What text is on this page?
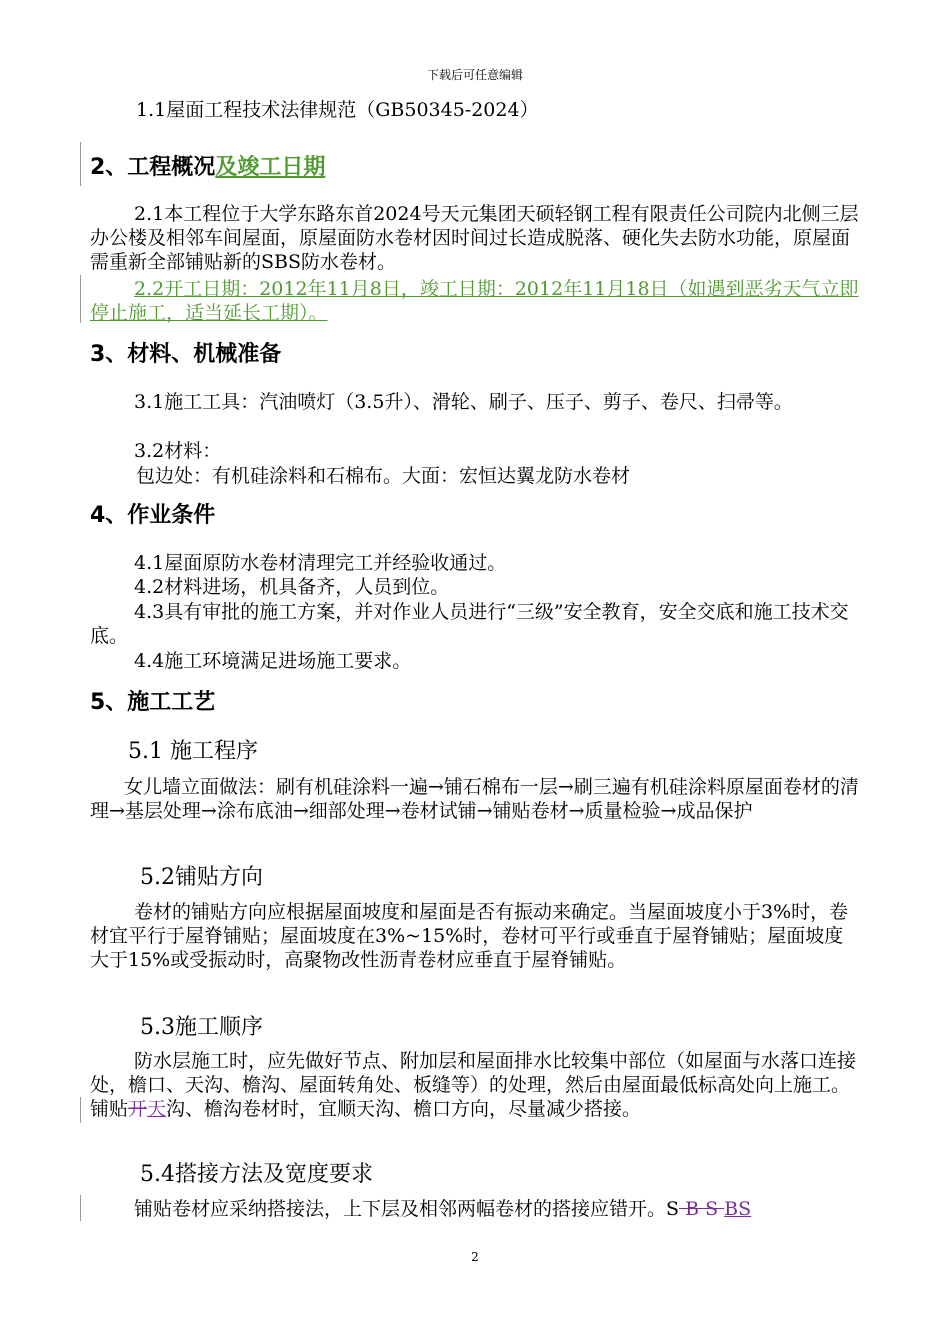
下载后可任意编辑

1.1屋面工程技术法律规范（GB50345-2024）

2、工程概况及竣工日期

2.1本工程位于大学东路东首2024号天元集团天硕轻钢工程有限责任公司院内北侧三层办公楼及相邻车间屋面，原屋面防水卷材因时间过长造成脱落、硬化失去防水功能，原屋面需重新全部铺贴新的SBS防水卷材。

2.2开工日期：2012年11月8日，竣工日期：2012年11月18日（如遇到恶劣天气立即停止施工，适当延长工期）。

3、材料、机械准备

3.1施工工具：汽油喷灯（3.5升）、滑轮、刷子、压子、剪子、卷尺、扫帚等。

3.2材料：

包边处：有机硅涂料和石棉布。大面：宏恒达翼龙防水卷材

4、作业条件

4.1屋面原防水卷材清理完工并经验收通过。

4.2材料进场，机具备齐，人员到位。

4.3具有审批的施工方案，并对作业人员进行“三级”安全教育，安全交底和施工技术交底。

4.4施工环境满足进场施工要求。

5、施工工艺
5.1 施工程序

女儿墙立面做法：刷有机硅涂料一遍→铺石棉布一层→刷三遍有机硅涂料原屋面卷材的清理→基层处理→涂布底油→细部处理→卷材试铺→铺贴卷材→质量检验→成品保护

5.2铺贴方向

卷材的铺贴方向应根据屋面坡度和屋面是否有振动来确定。当屋面坡度小于3%时，卷材宜平行于屋脊铺贴；屋面坡度在3%~15%时，卷材可平行或垂直于屋脊铺贴；屋面坡度大于15%或受振动时，高聚物改性沥青卷材应垂直于屋脊铺贴。

5.3施工顺序

防水层施工时，应先做好节点、附加层和屋面排水比较集中部位（如屋面与水落口连接处，檐口、天沟、檐沟、屋面转角处、板缝等）的处理，然后由屋面最低标高处向上施工。铺贴开天沟、檐沟卷材时，宜顺天沟、檐口方向，尽量减少搭接。

5.4搭接方法及宽度要求

铺贴卷材应采纳搭接法，上下层及相邻两幅卷材的搭接应错开。S B S BS

2
